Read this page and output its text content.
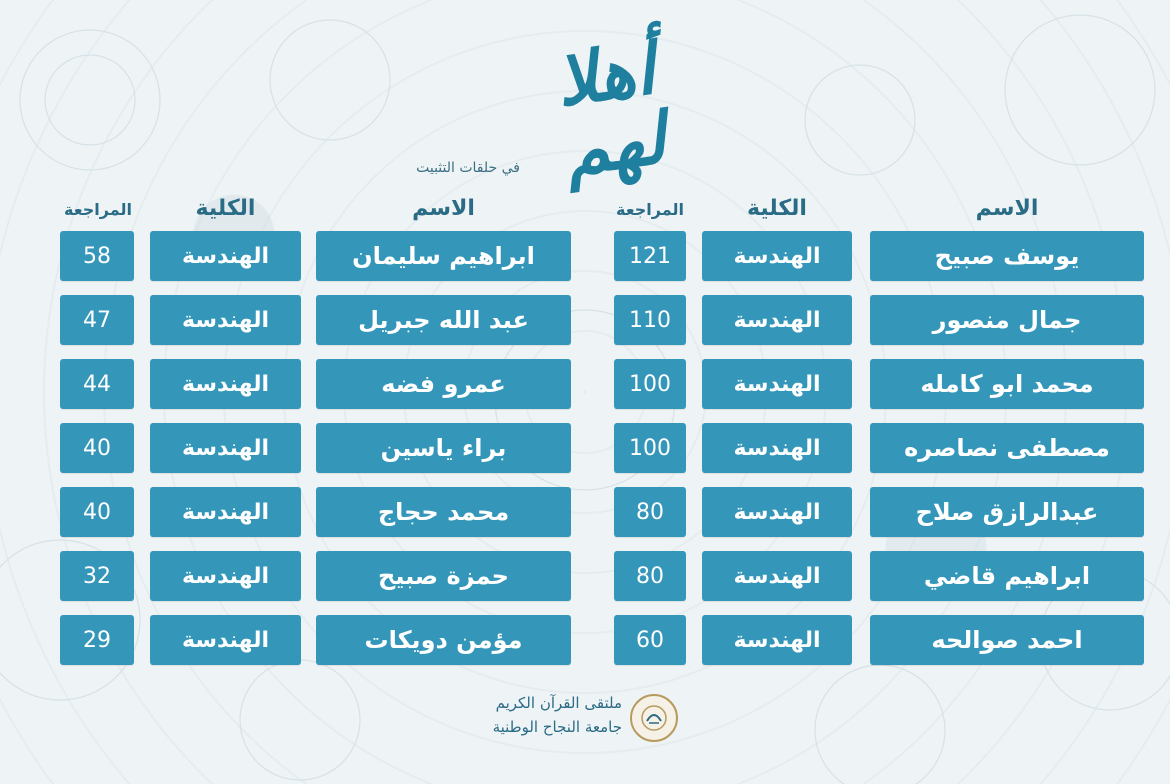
أهلا لهم
في حلقات التثبيت
الاسم
الكلية
المراجعة
الاسم
الكلية
المراجعة
يوسف صبيح
الهندسة
121
جمال منصور
الهندسة
110
محمد ابو كامله
الهندسة
100
مصطفى نصاصره
الهندسة
100
عبدالرازق صلاح
الهندسة
80
ابراهيم قاضي
الهندسة
80
احمد صوالحه
الهندسة
60
ابراهيم سليمان
الهندسة
58
عبد الله جبريل
الهندسة
47
عمرو فضه
الهندسة
44
براء ياسين
الهندسة
40
محمد حجاج
الهندسة
40
حمزة صبيح
الهندسة
32
مؤمن دويكات
الهندسة
29
ملتقى القرآن الكريم
جامعة النجاح الوطنية
